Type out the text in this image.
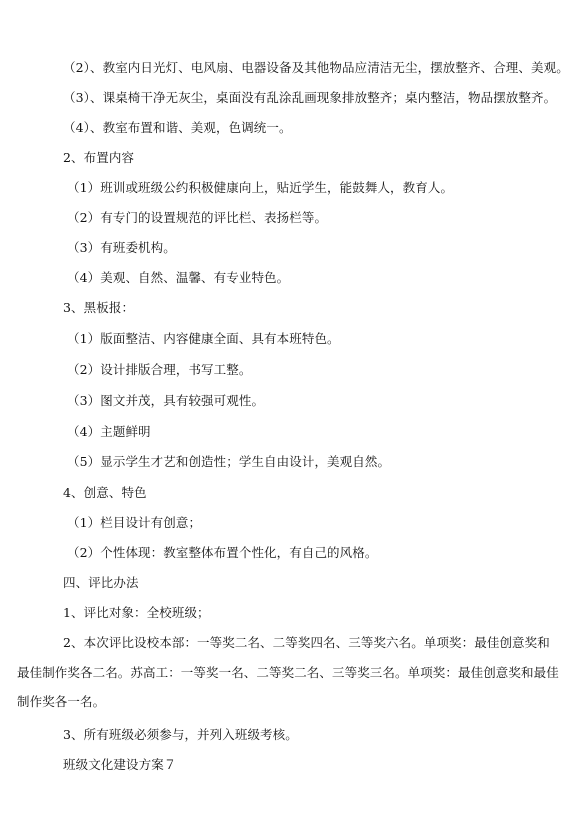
（2）、教室内日光灯、电风扇、电器设备及其他物品应清洁无尘，摆放整齐、合理、美观。
（3）、课桌椅干净无灰尘，桌面没有乱涂乱画现象排放整齐；桌内整洁，物品摆放整齐。
（4）、教室布置和谐、美观，色调统一。
2、布置内容
（1）班训或班级公约积极健康向上，贴近学生，能鼓舞人，教育人。
（2）有专门的设置规范的评比栏、表扬栏等。
（3）有班委机构。
（4）美观、自然、温馨、有专业特色。
3、黑板报：
（1）版面整洁、内容健康全面、具有本班特色。
（2）设计排版合理，书写工整。
（3）图文并茂，具有较强可观性。
（4）主题鲜明
（5）显示学生才艺和创造性；学生自由设计，美观自然。
4、创意、特色
（1）栏目设计有创意；
（2）个性体现：教室整体布置个性化，有自己的风格。
四、评比办法
1、评比对象：全校班级；
2、本次评比设校本部：一等奖二名、二等奖四名、三等奖六名。单项奖：最佳创意奖和最佳制作奖各二名。苏高工：一等奖一名、二等奖二名、三等奖三名。单项奖：最佳创意奖和最佳制作奖各一名。
3、所有班级必须参与，并列入班级考核。
班级文化建设方案７
